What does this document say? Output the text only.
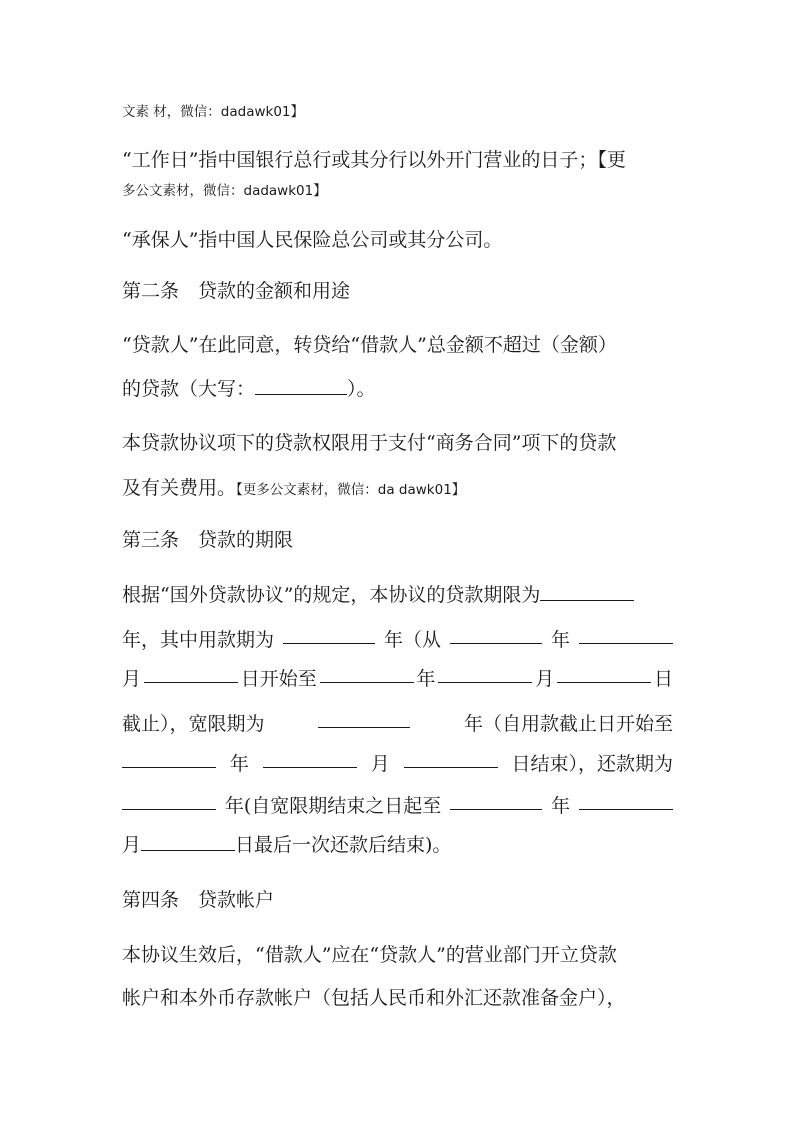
文素 材，微信：dadawk01】
“工作日”指中国银行总行或其分行以外开门营业的日子；【更
多公文素材，微信：dadawk01】
“承保人”指中国人民保险总公司或其分公司。
第二条　贷款的金额和用途
“贷款人”在此同意，转贷给“借款人”总金额不超过（金额）
的贷款（大写：	）。
本贷款协议项下的贷款权限用于支付“商务合同”项下的贷款
及有关费用。【更多公文素材，微信：da dawk01】
第三条　贷款的期限
根据“国外贷款协议”的规定，本协议的贷款期限为
年，其中用款期为	年（从	年
月	日开始至	年	月	日
截止），宽限期为	年（自用款截止日开始至
年	月	日结束），还款期为
年(自宽限期结束之日起至	年
月	日最后一次还款后结束)。
第四条　贷款帐户
本协议生效后，“借款人”应在“贷款人”的营业部门开立贷款
帐户和本外币存款帐户（包括人民币和外汇还款准备金户），
